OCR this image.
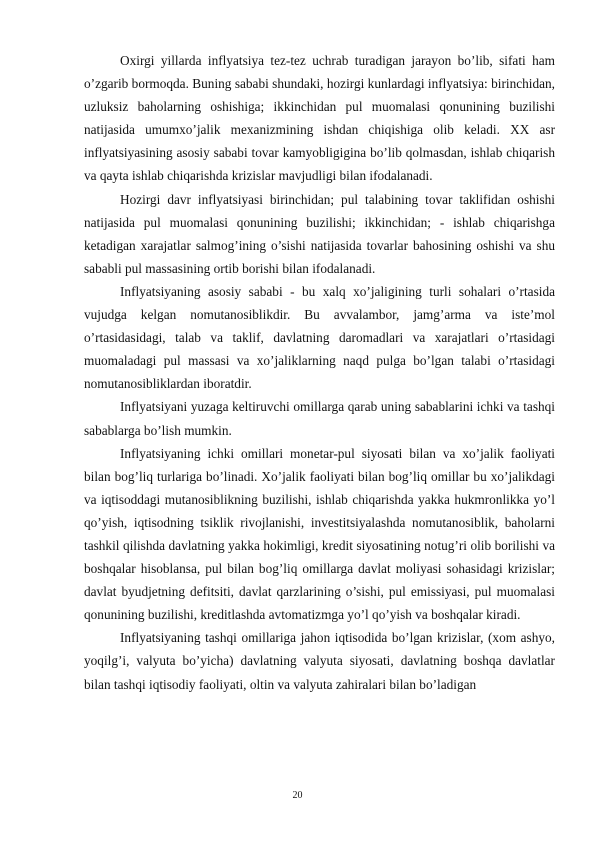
Oxirgi yillarda inflyatsiya tez-tez uchrab turadigan jarayon bo’lib, sifati ham o’zgarib bormoqda. Buning sababi shundaki, hozirgi kunlardagi inflyatsiya: birinchidan, uzluksiz baholarning oshishiga; ikkinchidan pul muomalasi qonunining buzilishi natijasida umumxo’jalik mexanizmining ishdan chiqishiga olib keladi. XX asr inflyatsiyasining asosiy sababi tovar kamyobligigina bo’lib qolmasdan, ishlab chiqarish va qayta ishlab chiqarishda krizislar mavjudligi bilan ifodalanadi.

Hozirgi davr inflyatsiyasi birinchidan; pul talabining tovar taklifidan oshishi natijasida pul muomalasi qonunining buzilishi; ikkinchidan; - ishlab chiqarishga ketadigan xarajatlar salmog’ining o’sishi natijasida tovarlar bahosining oshishi va shu sababli pul massasining ortib borishi bilan ifodalanadi.

Inflyatsiyaning asosiy sababi - bu xalq xo’jaligining turli sohalari o’rtasida vujudga kelgan nomutanosiblikdir. Bu avvalambor, jamg’arma va iste’mol o’rtasidasidagi, talab va taklif, davlatning daromadlari va xarajatlari o’rtasidagi muomaladagi pul massasi va xo’jaliklarning naqd pulga bo’lgan talabi o’rtasidagi nomutanosibliklardan iboratdir.

Inflyatsiyani yuzaga keltiruvchi omillarga qarab uning sabablarini ichki va tashqi sabablarga bo’lish mumkin.

Inflyatsiyaning ichki omillari monetar-pul siyosati bilan va xo’jalik faoliyati bilan bog’liq turlariga bo’linadi. Xo’jalik faoliyati bilan bog’liq omillar bu xo’jalikdagi va iqtisoddagi mutanosiblikning buzilishi, ishlab chiqarishda yakka hukmronlikka yo’l qo’yish, iqtisodning tsiklik rivojlanishi, investitsiyalashda nomutanosiblik, baholarni tashkil qilishda davlatning yakka hokimligi, kredit siyosatining notug’ri olib borilishi va boshqalar hisoblansa, pul bilan bog’liq omillarga davlat moliyasi sohasidagi krizislar; davlat byudjetning defitsiti, davlat qarzlarining o’sishi, pul emissiyasi, pul muomalasi qonunining buzilishi, kreditlashda avtomatizmga yo’l qo’yish va boshqalar kiradi.

Inflyatsiyaning tashqi omillariga jahon iqtisodida bo’lgan krizislar, (xom ashyo, yoqilg’i, valyuta bo’yicha) davlatning valyuta siyosati, davlatning boshqa davlatlar bilan tashqi iqtisodiy faoliyati, oltin va valyuta zahiralari bilan bo’ladigan

20
